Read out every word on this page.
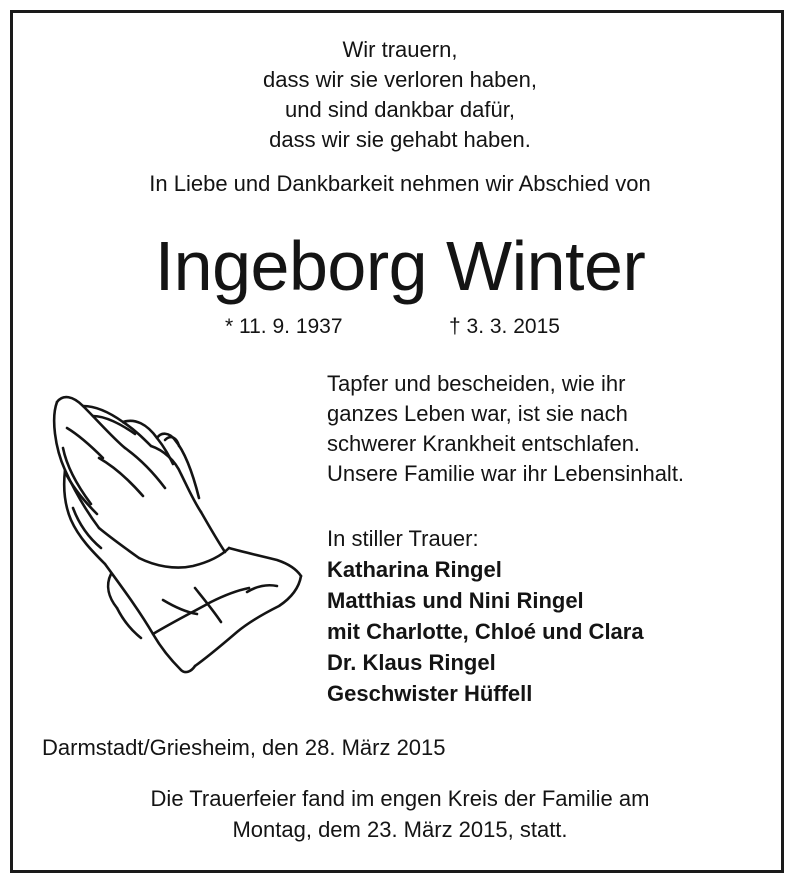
Wir trauern,
dass wir sie verloren haben,
und sind dankbar dafür,
dass wir sie gehabt haben.
In Liebe und Dankbarkeit nehmen wir Abschied von
Ingeborg Winter
* 11. 9. 1937	† 3. 3. 2015
Tapfer und bescheiden, wie ihr
ganzes Leben war, ist sie nach
schwerer Krankheit entschlafen.
Unsere Familie war ihr Lebensinhalt.
In stiller Trauer:
Katharina Ringel
Matthias und Nini Ringel
mit Charlotte, Chloé und Clara
Dr. Klaus Ringel
Geschwister Hüffell
Darmstadt/Griesheim, den 28. März 2015
Die Trauerfeier fand im engen Kreis der Familie am
Montag, dem 23. März 2015, statt.
